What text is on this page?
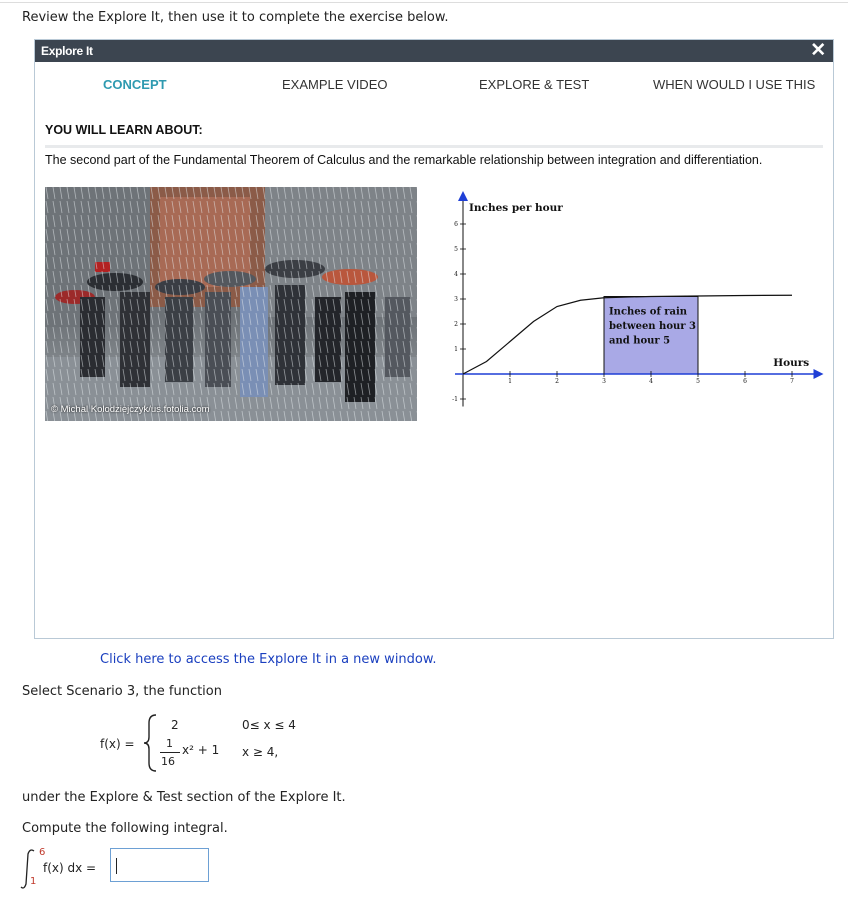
Review the Explore It, then use it to complete the exercise below.
Explore It	✕
CONCEPT	EXAMPLE VIDEO	EXPLORE & TEST	WHEN WOULD I USE THIS
YOU WILL LEARN ABOUT:
The second part of the Fundamental Theorem of Calculus and the remarkable relationship between integration and differentiation.
© Michal Kolodziejczyk/us.fotolia.com
1	2	3	4	5	6	7
-1
1
2
3
4
5
6
Inches per hour
Hours
Inches of rain
between hour 3
and hour 5
Click here to access the Explore It in a new window.
Select Scenario 3, the function
f(x) =
2	0≤ x ≤ 4
1
16
x² + 1 x ≥ 4,
under the Explore & Test section of the Explore It.
Compute the following integral.
6
1
f(x) dx =
